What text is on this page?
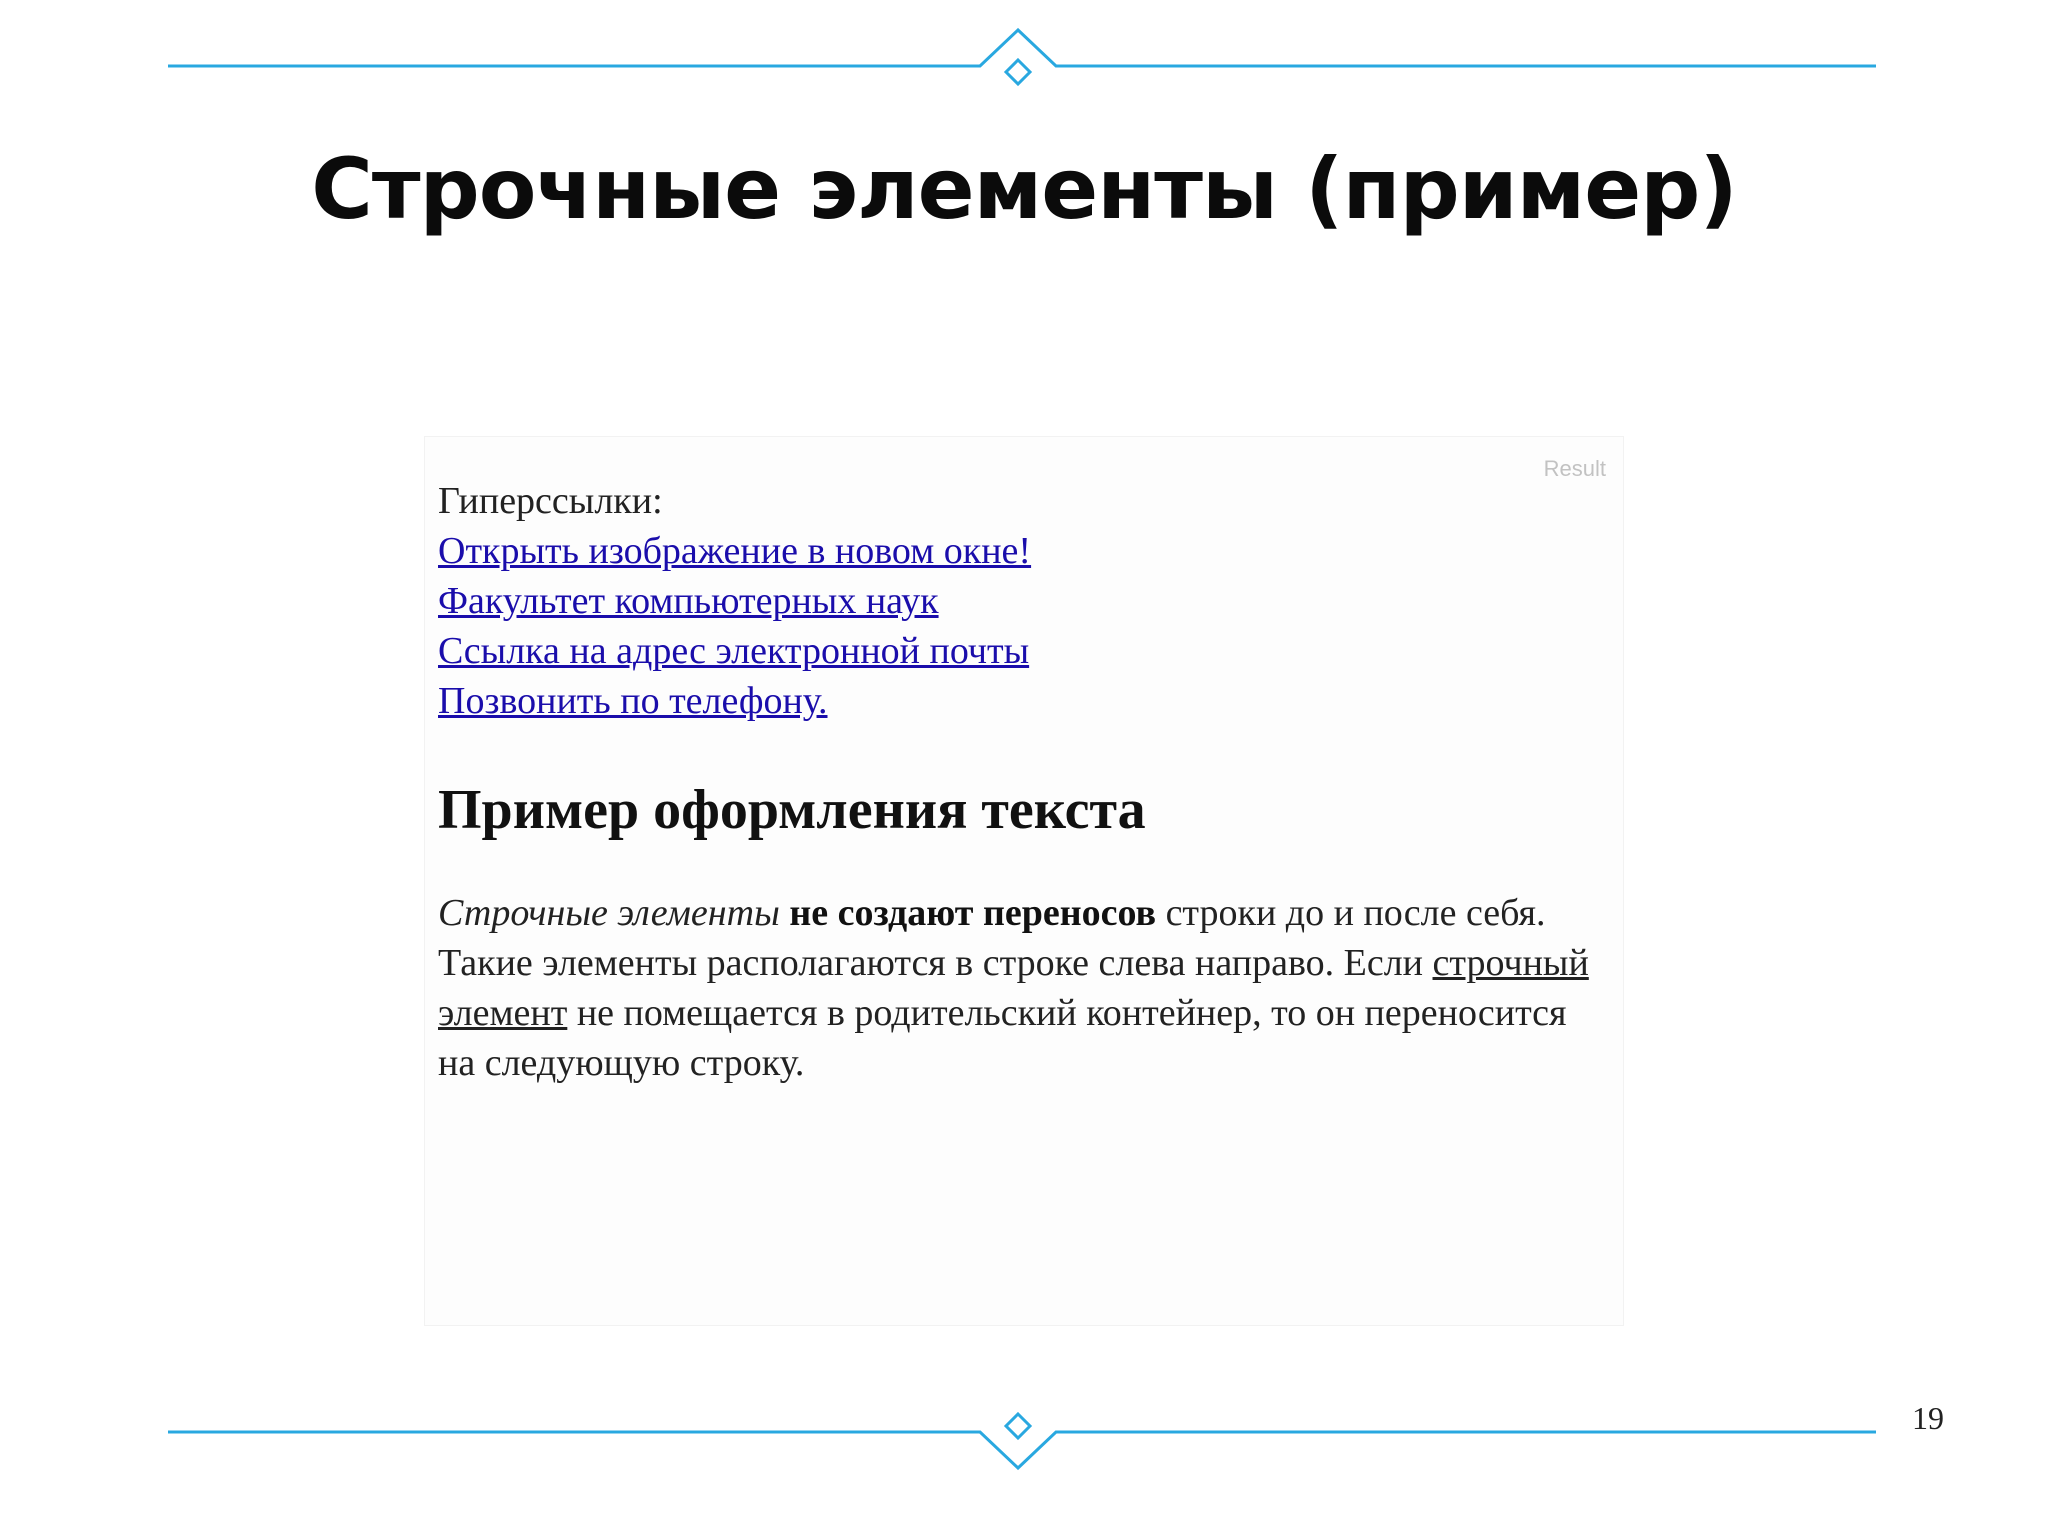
Строчные элементы (пример)
Result
Гиперссылки:
Открыть изображение в новом окне!
Факультет компьютерных наук
Ссылка на адрес электронной почты
Позвонить по телефону.
Пример оформления текста

Строчные элементы не создают переносов строки до и после себя. Такие элементы располагаются в строке слева направо. Если строчный элемент не помещается в родительский контейнер, то он переносится на следующую строку.

19
